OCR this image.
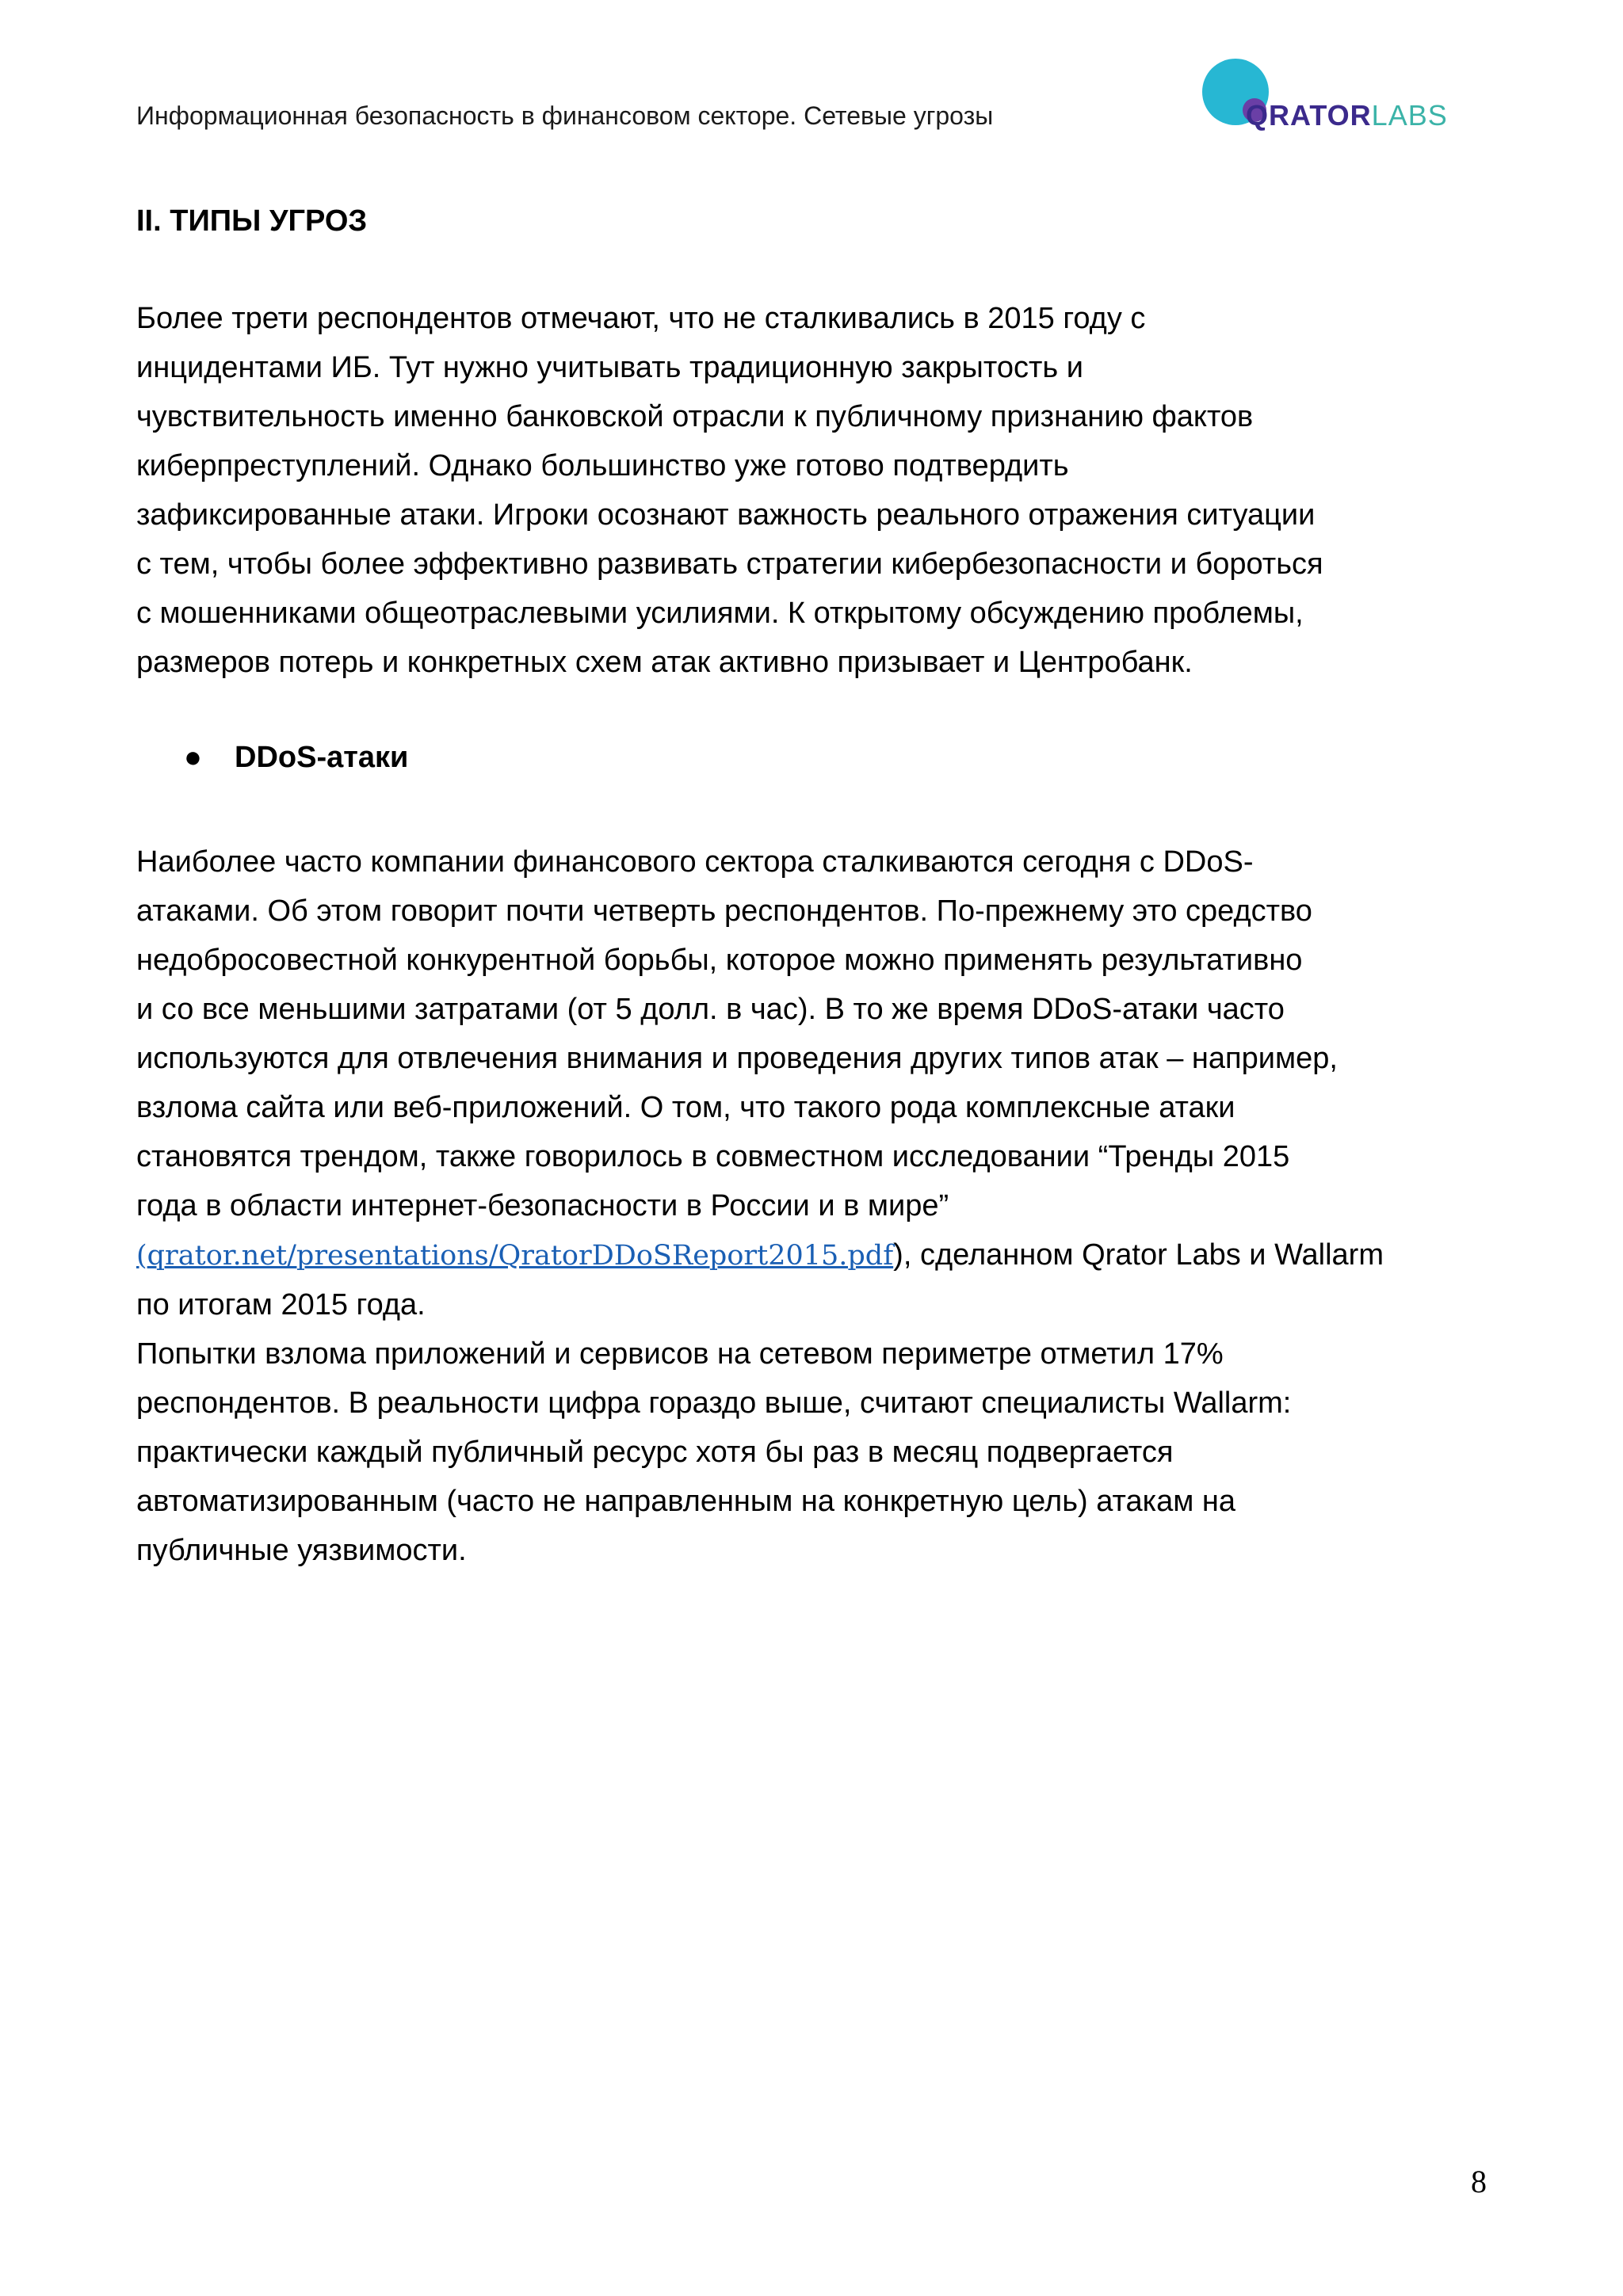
Информационная безопасность в финансовом секторе. Сетевые угрозы	QRATORLABS
II. ТИПЫ УГРОЗ
Более трети респондентов отмечают, что не сталкивались в 2015 году с
инцидентами ИБ. Тут нужно учитывать традиционную закрытость и
чувствительность именно банковской отрасли к публичному признанию фактов
киберпреступлений. Однако большинство уже готово подтвердить
зафиксированные атаки. Игроки осознают важность реального отражения ситуации
с тем, чтобы более эффективно развивать стратегии кибербезопасности и бороться
с мошенниками общеотраслевыми усилиями. К открытому обсуждению проблемы,
размеров потерь и конкретных схем атак активно призывает и Центробанк.
● DDoS-атаки
Наиболее часто компании финансового сектора сталкиваются сегодня с DDoS-
атаками. Об этом говорит почти четверть респондентов. По-прежнему это средство
недобросовестной конкурентной борьбы, которое можно применять результативно
и со все меньшими затратами (от 5 долл. в час). В то же время DDoS-атаки часто
используются для отвлечения внимания и проведения других типов атак – например,
взлома сайта или веб-приложений. О том, что такого рода комплексные атаки
становятся трендом, также говорилось в совместном исследовании “Тренды 2015
года в области интернет-безопасности в России и в мире”
(qrator.net/presentations/QratorDDoSReport2015.pdf), сделанном Qrator Labs и Wallarm
по итогам 2015 года.
Попытки взлома приложений и сервисов на сетевом периметре отметил 17%
респондентов. В реальности цифра гораздо выше, считают специалисты Wallarm:
практически каждый публичный ресурс хотя бы раз в месяц подвергается
автоматизированным (часто не направленным на конкретную цель) атакам на
публичные уязвимости.
8
